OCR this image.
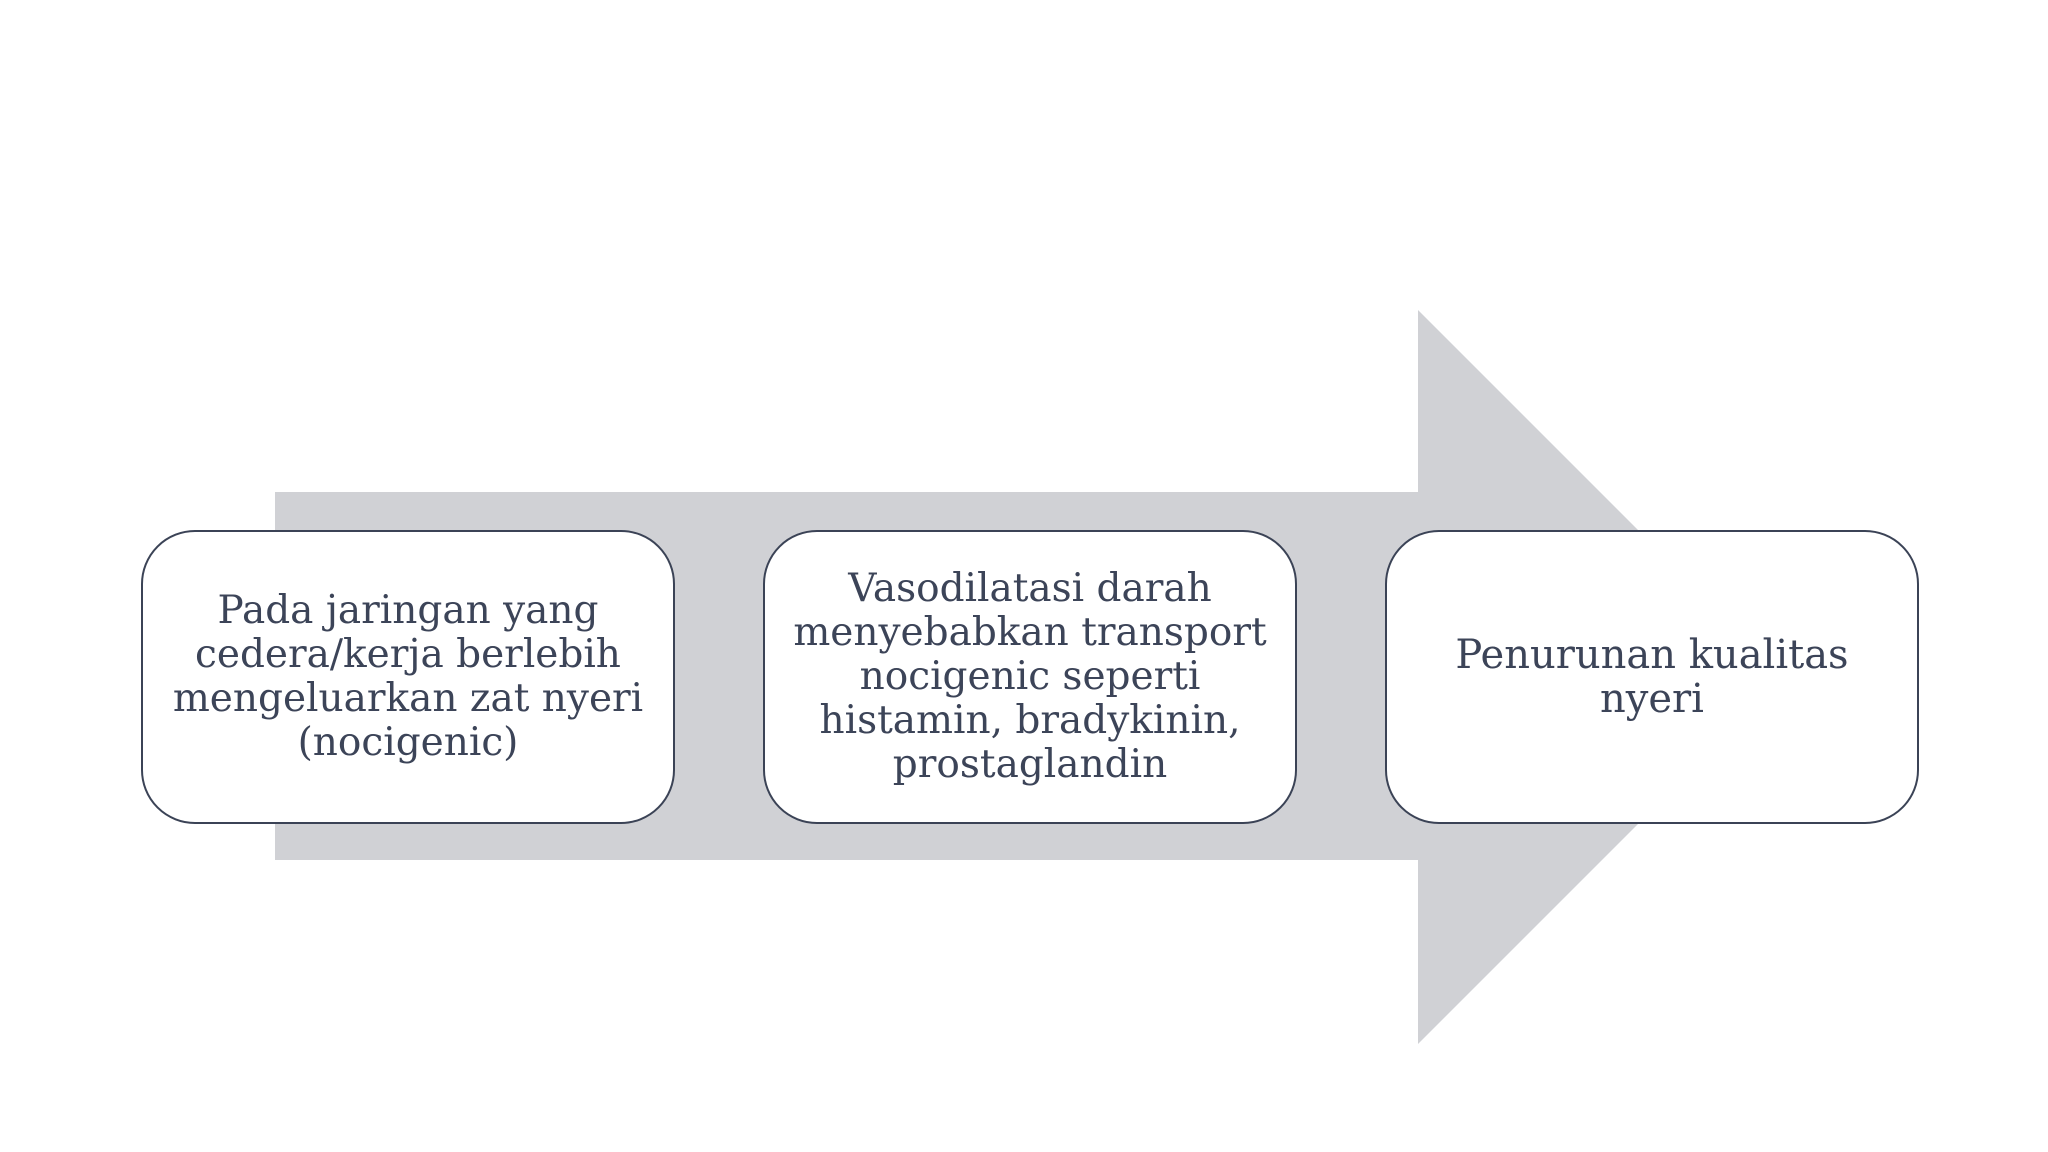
Pada jaringan yang
cedera/kerja berlebih
mengeluarkan zat nyeri
(nocigenic)
Vasodilatasi darah
menyebabkan transport
nocigenic seperti
histamin, bradykinin,
prostaglandin
Penurunan kualitas
nyeri
